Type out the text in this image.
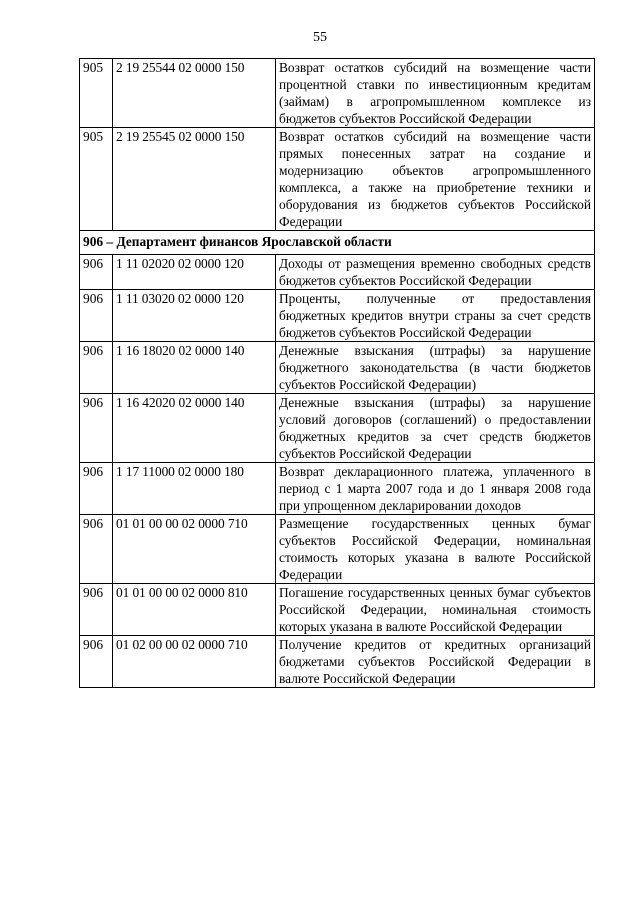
55
905	2 19 25544 02 0000 150	Возврат остатков субсидий на возмещение части процентной ставки по инвестиционным кредитам (займам) в агропромышленном комплексе из бюджетов субъектов Российской Федерации
905	2 19 25545 02 0000 150	Возврат остатков субсидий на возмещение части прямых понесенных затрат на создание и модернизацию объектов агропромышленного комплекса, а также на приобретение техники и оборудования из бюджетов субъектов Российской Федерации
906 – Департамент финансов Ярославской области		
906	1 11 02020 02 0000 120	Доходы от размещения временно свободных средств бюджетов субъектов Российской Федерации
906	1 11 03020 02 0000 120	Проценты, полученные от предоставления бюджетных кредитов внутри страны за счет средств бюджетов субъектов Российской Федерации
906	1 16 18020 02 0000 140	Денежные взыскания (штрафы) за нарушение бюджетного законодательства (в части бюджетов субъектов Российской Федерации)
906	1 16 42020 02 0000 140	Денежные взыскания (штрафы) за нарушение условий договоров (соглашений) о предоставлении бюджетных кредитов за счет средств бюджетов субъектов Российской Федерации
906	1 17 11000 02 0000 180	Возврат декларационного платежа, уплаченного в период с 1 марта 2007 года и до 1 января 2008 года при упрощенном декларировании доходов
906	01 01 00 00 02 0000 710	Размещение государственных ценных бумаг субъектов Российской Федерации, номинальная стоимость которых указана в валюте Российской Федерации
906	01 01 00 00 02 0000 810	Погашение государственных ценных бумаг субъектов Российской Федерации, номинальная стоимость которых указана в валюте Российской Федерации
906	01 02 00 00 02 0000 710	Получение кредитов от кредитных организаций бюджетами субъектов Российской Федерации в валюте Российской Федерации
